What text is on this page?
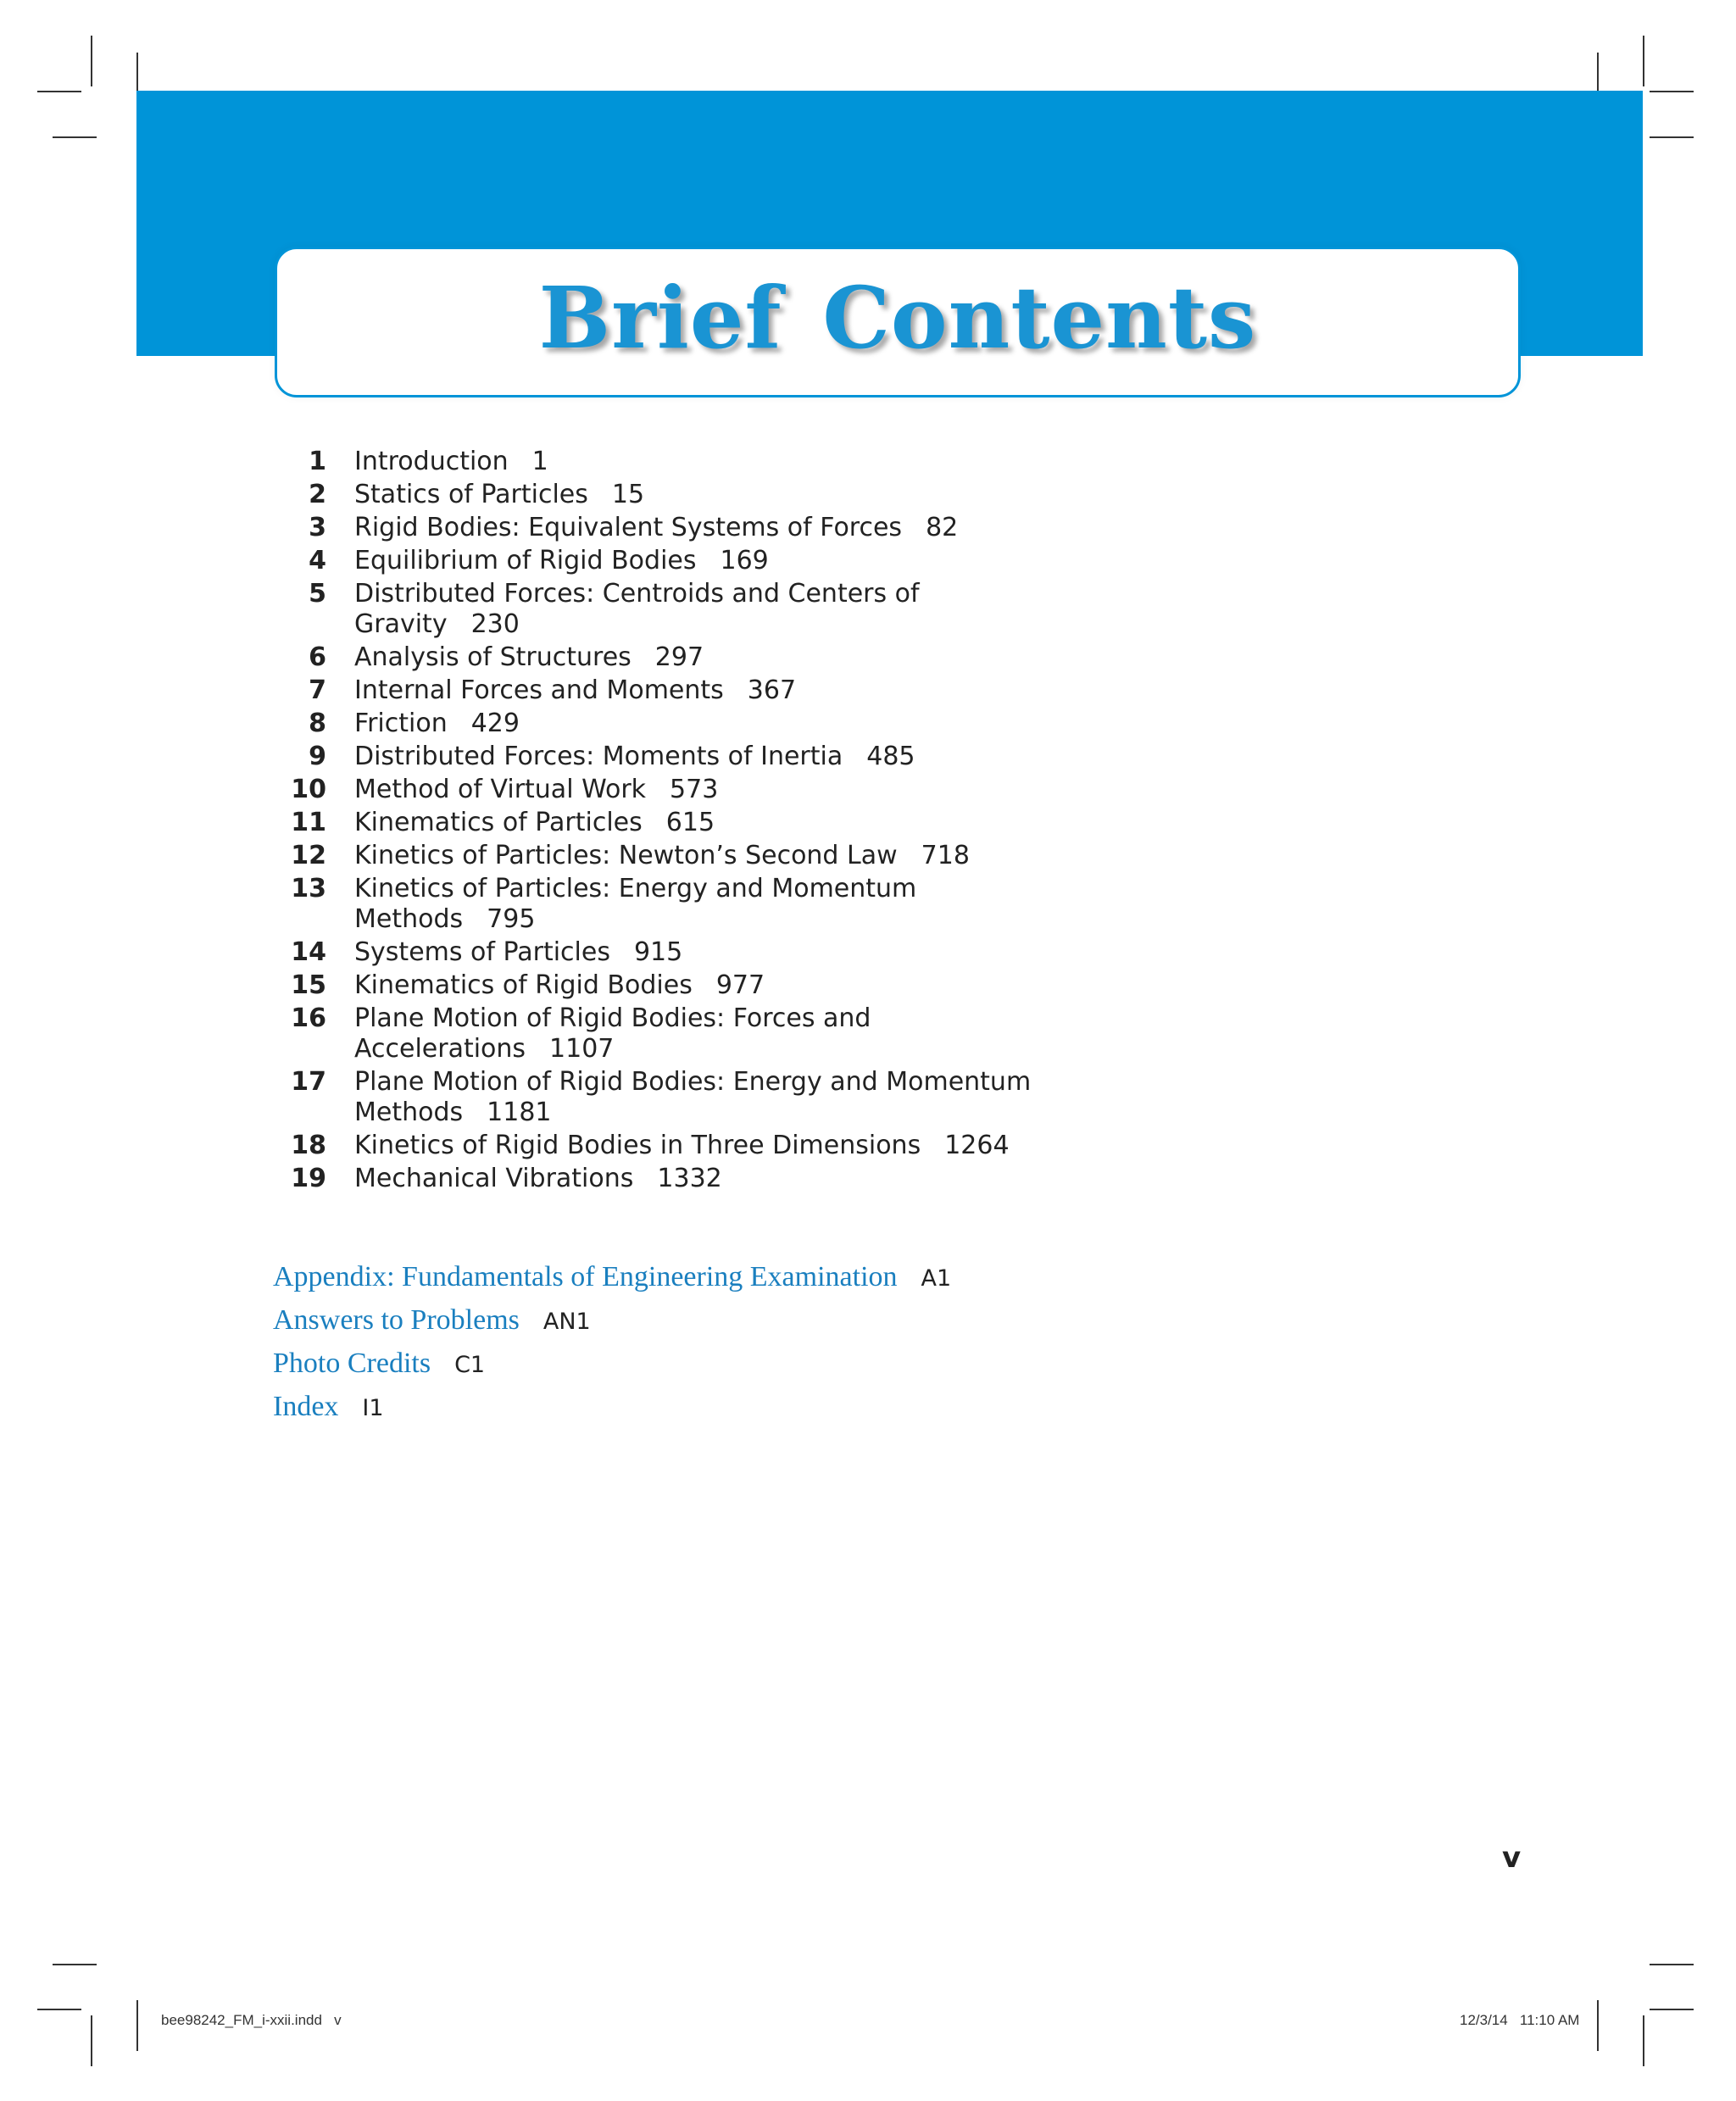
Brief Contents
1	Introduction 1
2	Statics of Particles 15
3	Rigid Bodies: Equivalent Systems of Forces 82
4	Equilibrium of Rigid Bodies 169
5	Distributed Forces: Centroids and Centers of Gravity 230
6	Analysis of Structures 297
7	Internal Forces and Moments 367
8	Friction 429
9	Distributed Forces: Moments of Inertia 485
10	Method of Virtual Work 573
11	Kinematics of Particles 615
12	Kinetics of Particles: Newton’s Second Law 718
13	Kinetics of Particles: Energy and Momentum Methods 795
14	Systems of Particles 915
15	Kinematics of Rigid Bodies 977
16	Plane Motion of Rigid Bodies: Forces and Accelerations 1107
17	Plane Motion of Rigid Bodies: Energy and Momentum Methods 1181
18	Kinetics of Rigid Bodies in Three Dimensions 1264
19	Mechanical Vibrations 1332
Appendix: Fundamentals of Engineering Examination A1
Answers to Problems AN1
Photo Credits C1
Index I1
v
bee98242_FM_i-xxii.indd   v	12/3/14   11:10 AM
